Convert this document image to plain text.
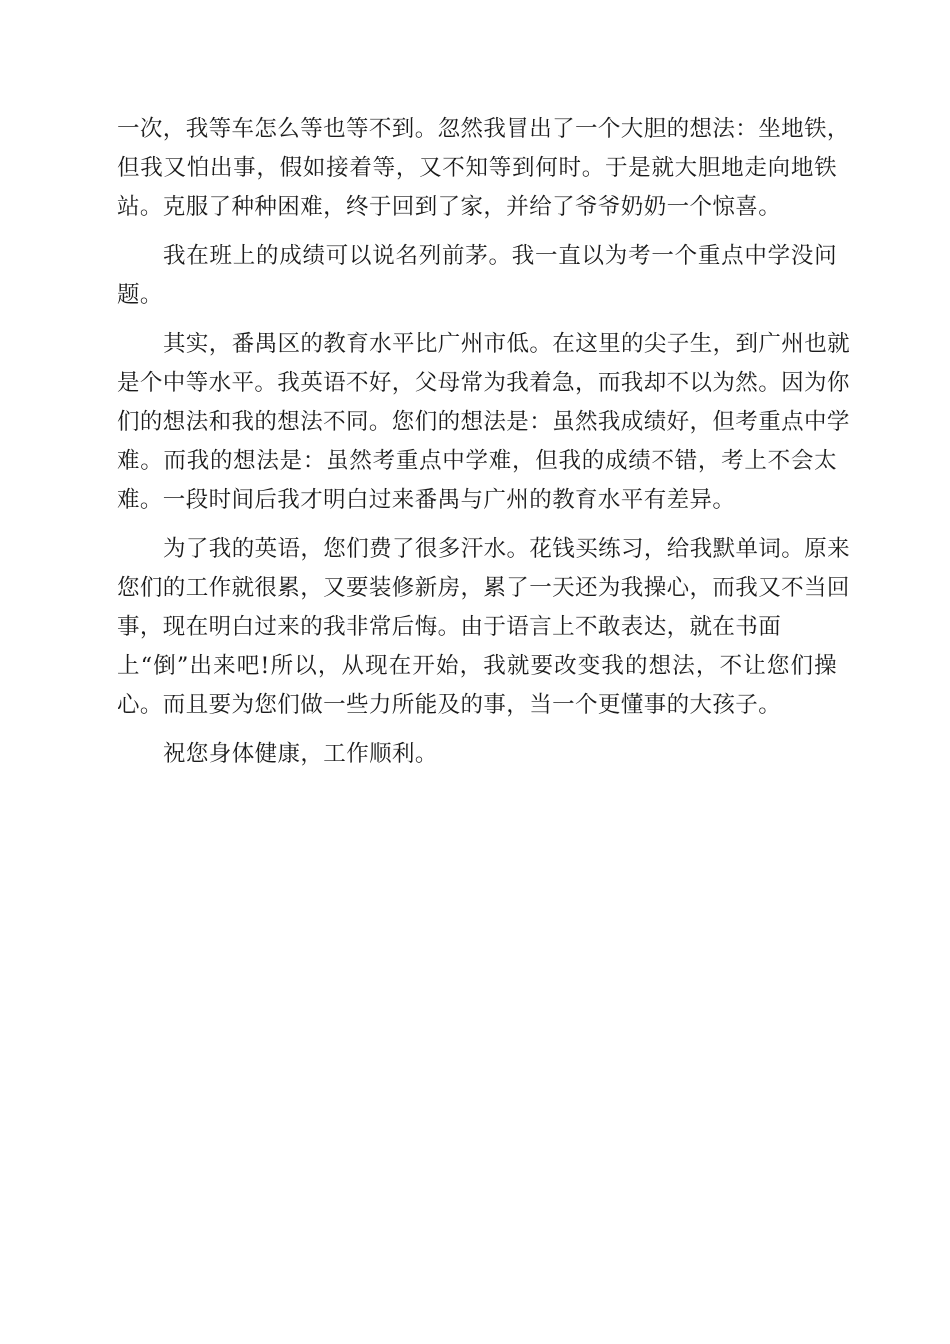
一次，我等车怎么等也等不到。忽然我冒出了一个大胆的想法：坐地铁，
但我又怕出事，假如接着等，又不知等到何时。于是就大胆地走向地铁
站。克服了种种困难，终于回到了家，并给了爷爷奶奶一个惊喜。
我在班上的成绩可以说名列前茅。我一直以为考一个重点中学没问
题。
其实，番禺区的教育水平比广州市低。在这里的尖子生，到广州也就
是个中等水平。我英语不好，父母常为我着急，而我却不以为然。因为你
们的想法和我的想法不同。您们的想法是：虽然我成绩好，但考重点中学
难。而我的想法是：虽然考重点中学难，但我的成绩不错，考上不会太
难。一段时间后我才明白过来番禺与广州的教育水平有差异。
为了我的英语，您们费了很多汗水。花钱买练习，给我默单词。原来
您们的工作就很累，又要装修新房，累了一天还为我操心，而我又不当回
事，现在明白过来的我非常后悔。由于语言上不敢表达，就在书面
上“倒”出来吧!所以，从现在开始，我就要改变我的想法，不让您们操
心。而且要为您们做一些力所能及的事，当一个更懂事的大孩子。
祝您身体健康，工作顺利。
